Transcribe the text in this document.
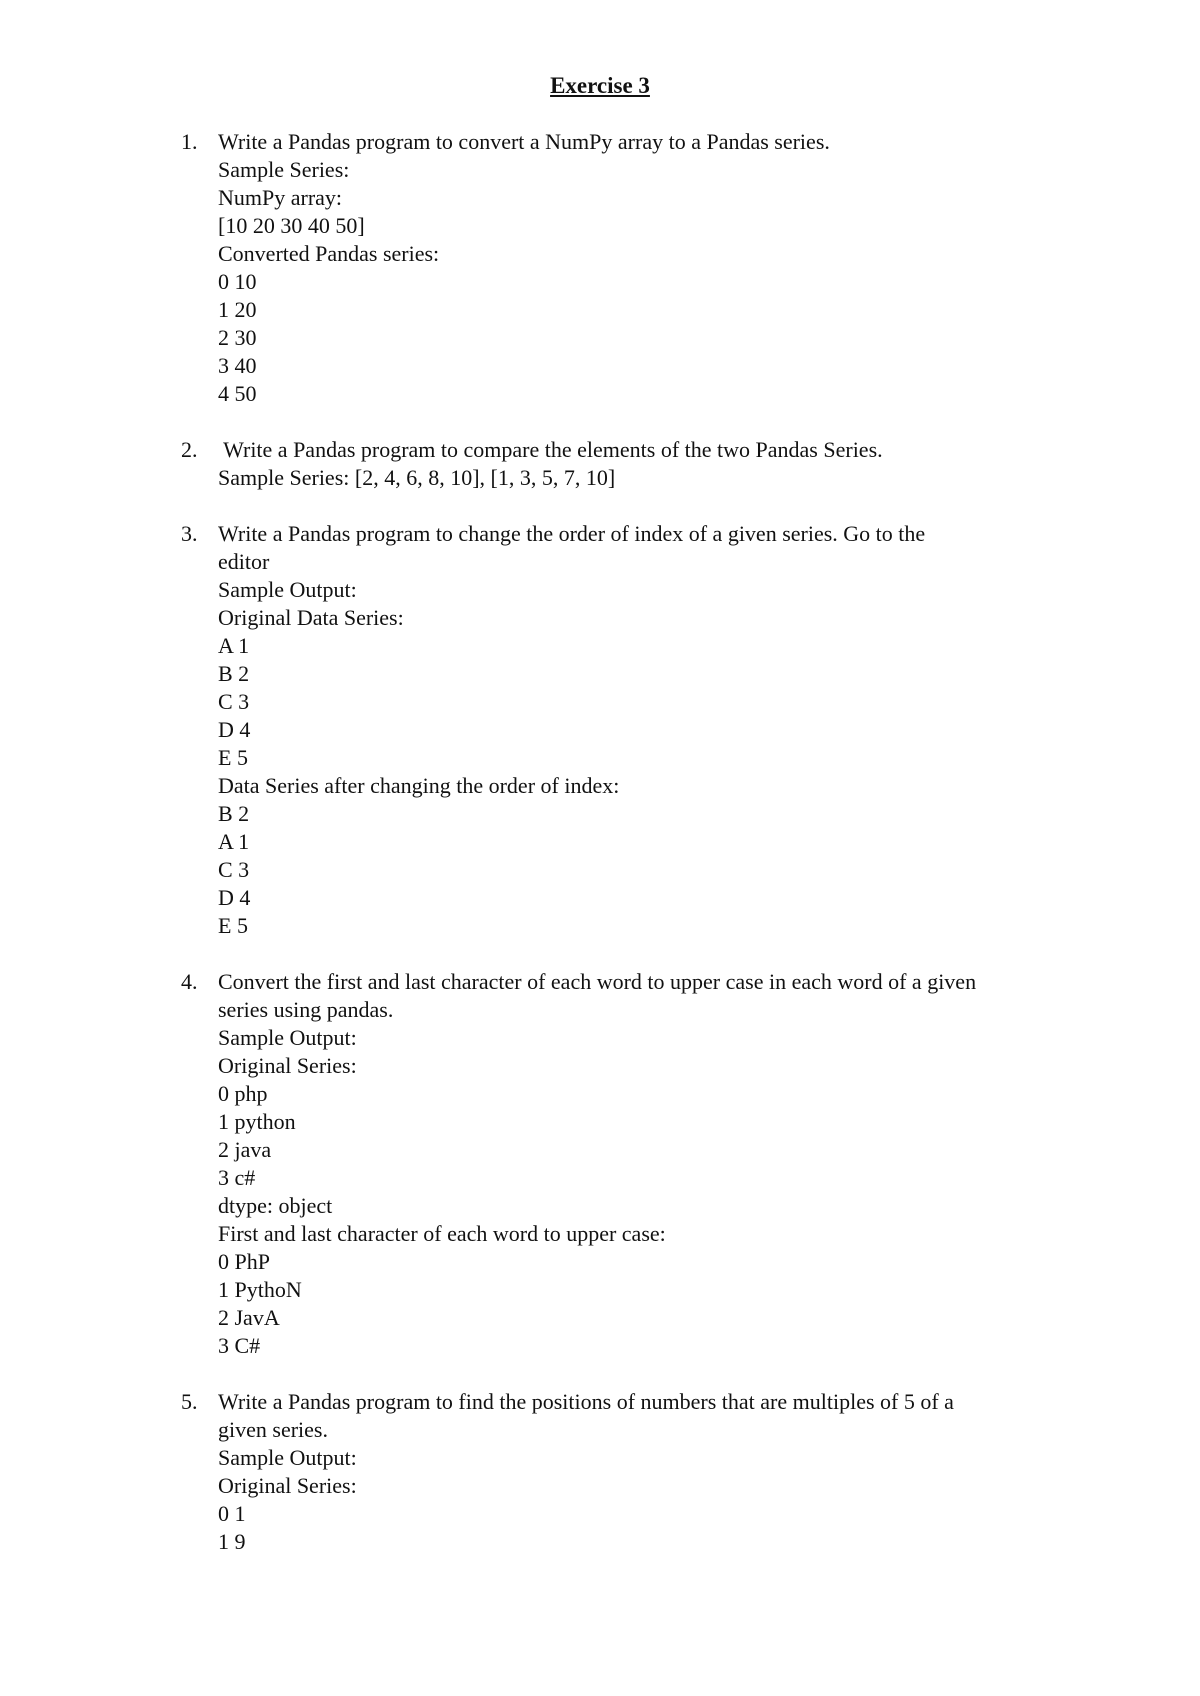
Exercise 3
1. Write a Pandas program to convert a NumPy array to a Pandas series.
Sample Series:
NumPy array:
[10 20 30 40 50]
Converted Pandas series:
0 10
1 20
2 30
3 40
4 50
2. Write a Pandas program to compare the elements of the two Pandas Series.
Sample Series: [2, 4, 6, 8, 10], [1, 3, 5, 7, 10]
3. Write a Pandas program to change the order of index of a given series. Go to the
editor
Sample Output:
Original Data Series:
A 1
B 2
C 3
D 4
E 5
Data Series after changing the order of index:
B 2
A 1
C 3
D 4
E 5
4. Convert the first and last character of each word to upper case in each word of a given
series using pandas.
Sample Output:
Original Series:
0 php
1 python
2 java
3 c#
dtype: object
First and last character of each word to upper case:
0 PhP
1 PythoN
2 JavA
3 C#
5. Write a Pandas program to find the positions of numbers that are multiples of 5 of a
given series.
Sample Output:
Original Series:
0 1
1 9
